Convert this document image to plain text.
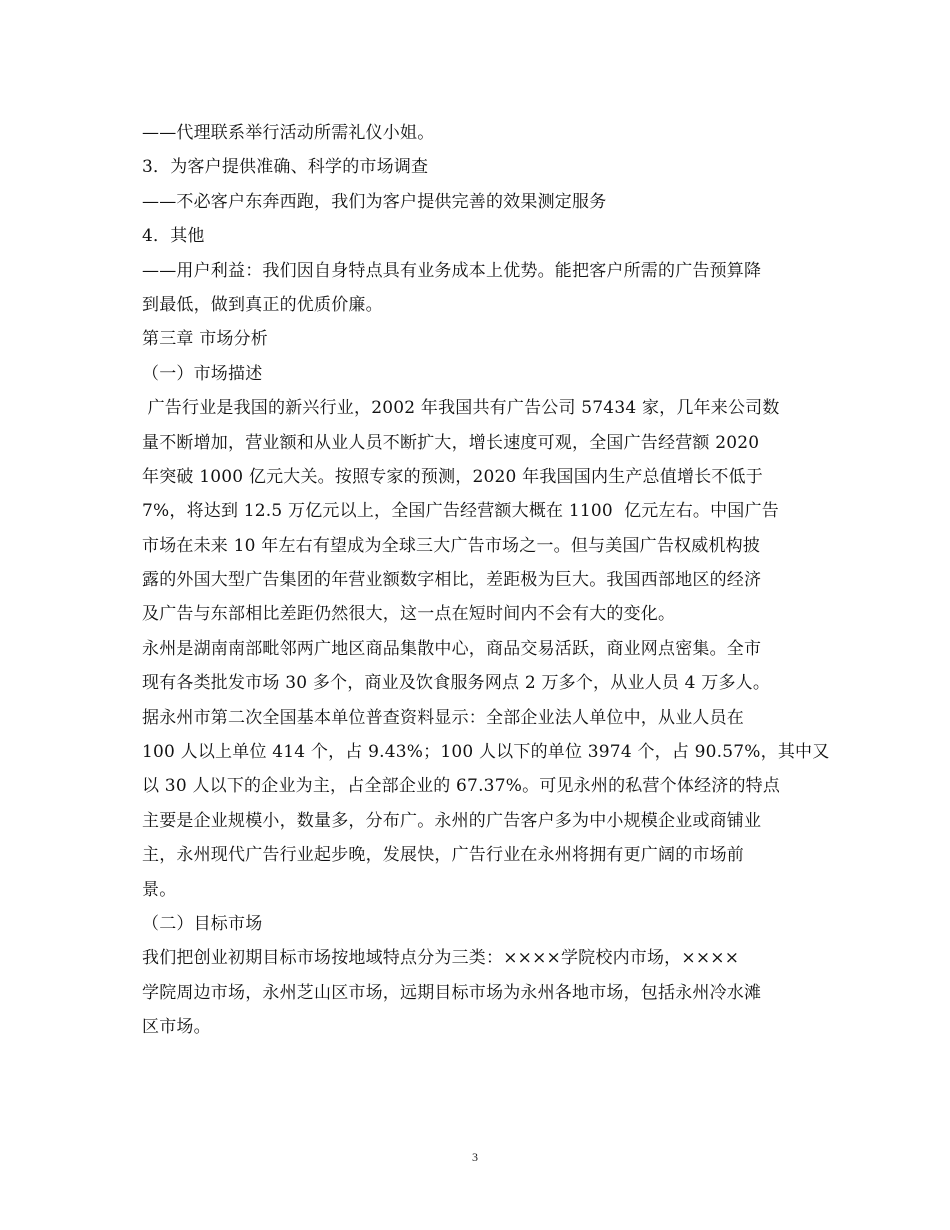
——代理联系举行活动所需礼仪小姐。
3．为客户提供准确、科学的市场调查
——不必客户东奔西跑，我们为客户提供完善的效果测定服务
4．其他
——用户利益：我们因自身特点具有业务成本上优势。能把客户所需的广告预算降
到最低，做到真正的优质价廉。
第三章 市场分析
（一）市场描述
广告行业是我国的新兴行业，2002 年我国共有广告公司 57434 家，几年来公司数
量不断增加，营业额和从业人员不断扩大，增长速度可观，全国广告经营额 2020
年突破 1000 亿元大关。按照专家的预测，2020 年我国国内生产总值增长不低于
7%，将达到 12.5 万亿元以上，全国广告经营额大概在 1100  亿元左右。中国广告
市场在未来 10 年左右有望成为全球三大广告市场之一。但与美国广告权威机构披
露的外国大型广告集团的年营业额数字相比，差距极为巨大。我国西部地区的经济
及广告与东部相比差距仍然很大，这一点在短时间内不会有大的变化。
永州是湖南南部毗邻两广地区商品集散中心，商品交易活跃，商业网点密集。全市
现有各类批发市场 30 多个，商业及饮食服务网点 2 万多个，从业人员 4 万多人。
据永州市第二次全国基本单位普查资料显示：全部企业法人单位中，从业人员在
100 人以上单位 414 个，占 9.43%；100 人以下的单位 3974 个，占 90.57%，其中又
以 30 人以下的企业为主，占全部企业的 67.37%。可见永州的私营个体经济的特点
主要是企业规模小，数量多，分布广。永州的广告客户多为中小规模企业或商铺业
主，永州现代广告行业起步晚，发展快，广告行业在永州将拥有更广阔的市场前
景。
（二）目标市场
我们把创业初期目标市场按地域特点分为三类：××××学院校内市场，××××
学院周边市场，永州芝山区市场，远期目标市场为永州各地市场，包括永州冷水滩
区市场。
3
